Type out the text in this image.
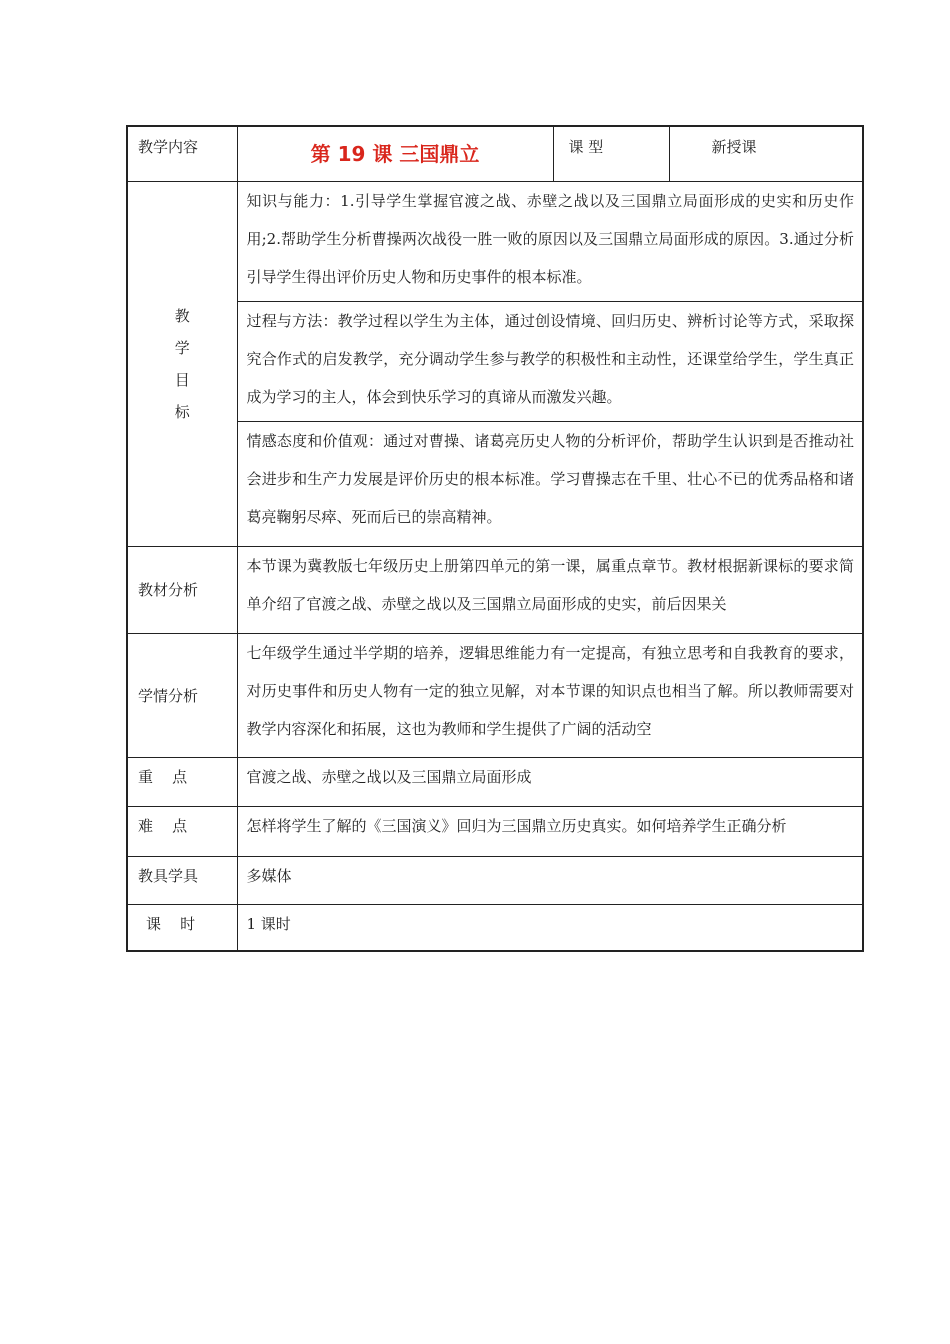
教学内容	第 19 课 三国鼎立	课 型	新授课

教
学
目
标	知识与能力：1.引导学生掌握官渡之战、赤壁之战以及三国鼎立局面形成的史实和历史作用;2.帮助学生分析曹操两次战役一胜一败的原因以及三国鼎立局面形成的原因。3.通过分析引导学生得出评价历史人物和历史事件的根本标准。		
	过程与方法：教学过程以学生为主体，通过创设情境、回归历史、辨析讨论等方式，采取探究合作式的启发教学，充分调动学生参与教学的积极性和主动性，还课堂给学生，学生真正成为学习的主人，体会到快乐学习的真谛从而激发兴趣。		
	情感态度和价值观：通过对曹操、诸葛亮历史人物的分析评价，帮助学生认识到是否推动社会进步和生产力发展是评价历史的根本标准。学习曹操志在千里、壮心不已的优秀品格和诸葛亮鞠躬尽瘁、死而后已的崇高精神。		
教材分析	本节课为冀教版七年级历史上册第四单元的第一课，属重点章节。教材根据新课标的要求简单介绍了官渡之战、赤壁之战以及三国鼎立局面形成的史实，前后因果关		

学情分析	七年级学生通过半学期的培养，逻辑思维能力有一定提高，有独立思考和自我教育的要求，对历史事件和历史人物有一定的独立见解，对本节课的知识点也相当了解。所以教师需要对教学内容深化和拓展，这也为教师和学生提供了广阔的活动空		

重    点	官渡之战、赤壁之战以及三国鼎立局面形成		
难    点	怎样将学生了解的《三国演义》回归为三国鼎立历史真实。如何培养学生正确分析		

教具学具	多媒体		
课    时	1 课时		
